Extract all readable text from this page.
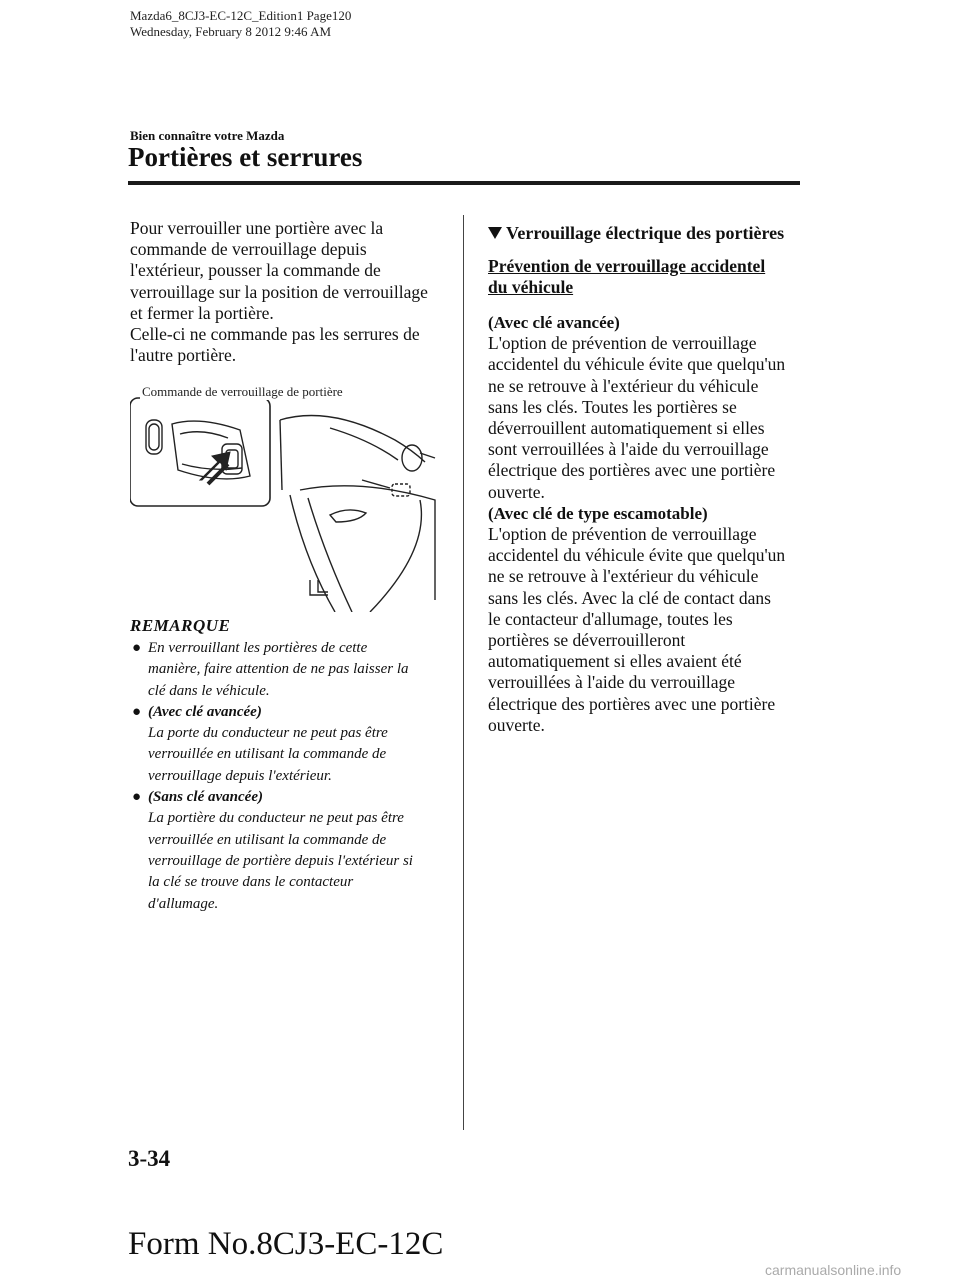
Mazda6_8CJ3-EC-12C_Edition1 Page120
Wednesday, February 8 2012 9:46 AM
Bien connaître votre Mazda
Portières et serrures

Pour verrouiller une portière avec la

commande de verrouillage depuis

l'extérieur, pousser la commande de

verrouillage sur la position de verrouillage

et fermer la portière.

Celle-ci ne commande pas les serrures de

l'autre portière.

Commande de verrouillage de portière
REMARQUE
● En verrouillant les portières de cette
manière, faire attention de ne pas laisser la
clé dans le véhicule.
● (Avec clé avancée)
La porte du conducteur ne peut pas être
verrouillée en utilisant la commande de
verrouillage depuis l'extérieur.
● (Sans clé avancée)
La portière du conducteur ne peut pas être
verrouillée en utilisant la commande de
verrouillage de portière depuis l'extérieur si
la clé se trouve dans le contacteur
d'allumage.
Verrouillage électrique des portières
Prévention de verrouillage accidentel
du véhicule
(Avec clé avancée)
L'option de prévention de verrouillage
accidentel du véhicule évite que quelqu'un
ne se retrouve à l'extérieur du véhicule
sans les clés. Toutes les portières se
déverrouillent automatiquement si elles
sont verrouillées à l'aide du verrouillage
électrique des portières avec une portière
ouverte.
(Avec clé de type escamotable)
L'option de prévention de verrouillage
accidentel du véhicule évite que quelqu'un
ne se retrouve à l'extérieur du véhicule
sans les clés. Avec la clé de contact dans
le contacteur d'allumage, toutes les
portières se déverrouilleront
automatiquement si elles avaient été
verrouillées à l'aide du verrouillage
électrique des portières avec une portière
ouverte.
3-34
Form No.8CJ3-EC-12C
carmanualsonline.info
